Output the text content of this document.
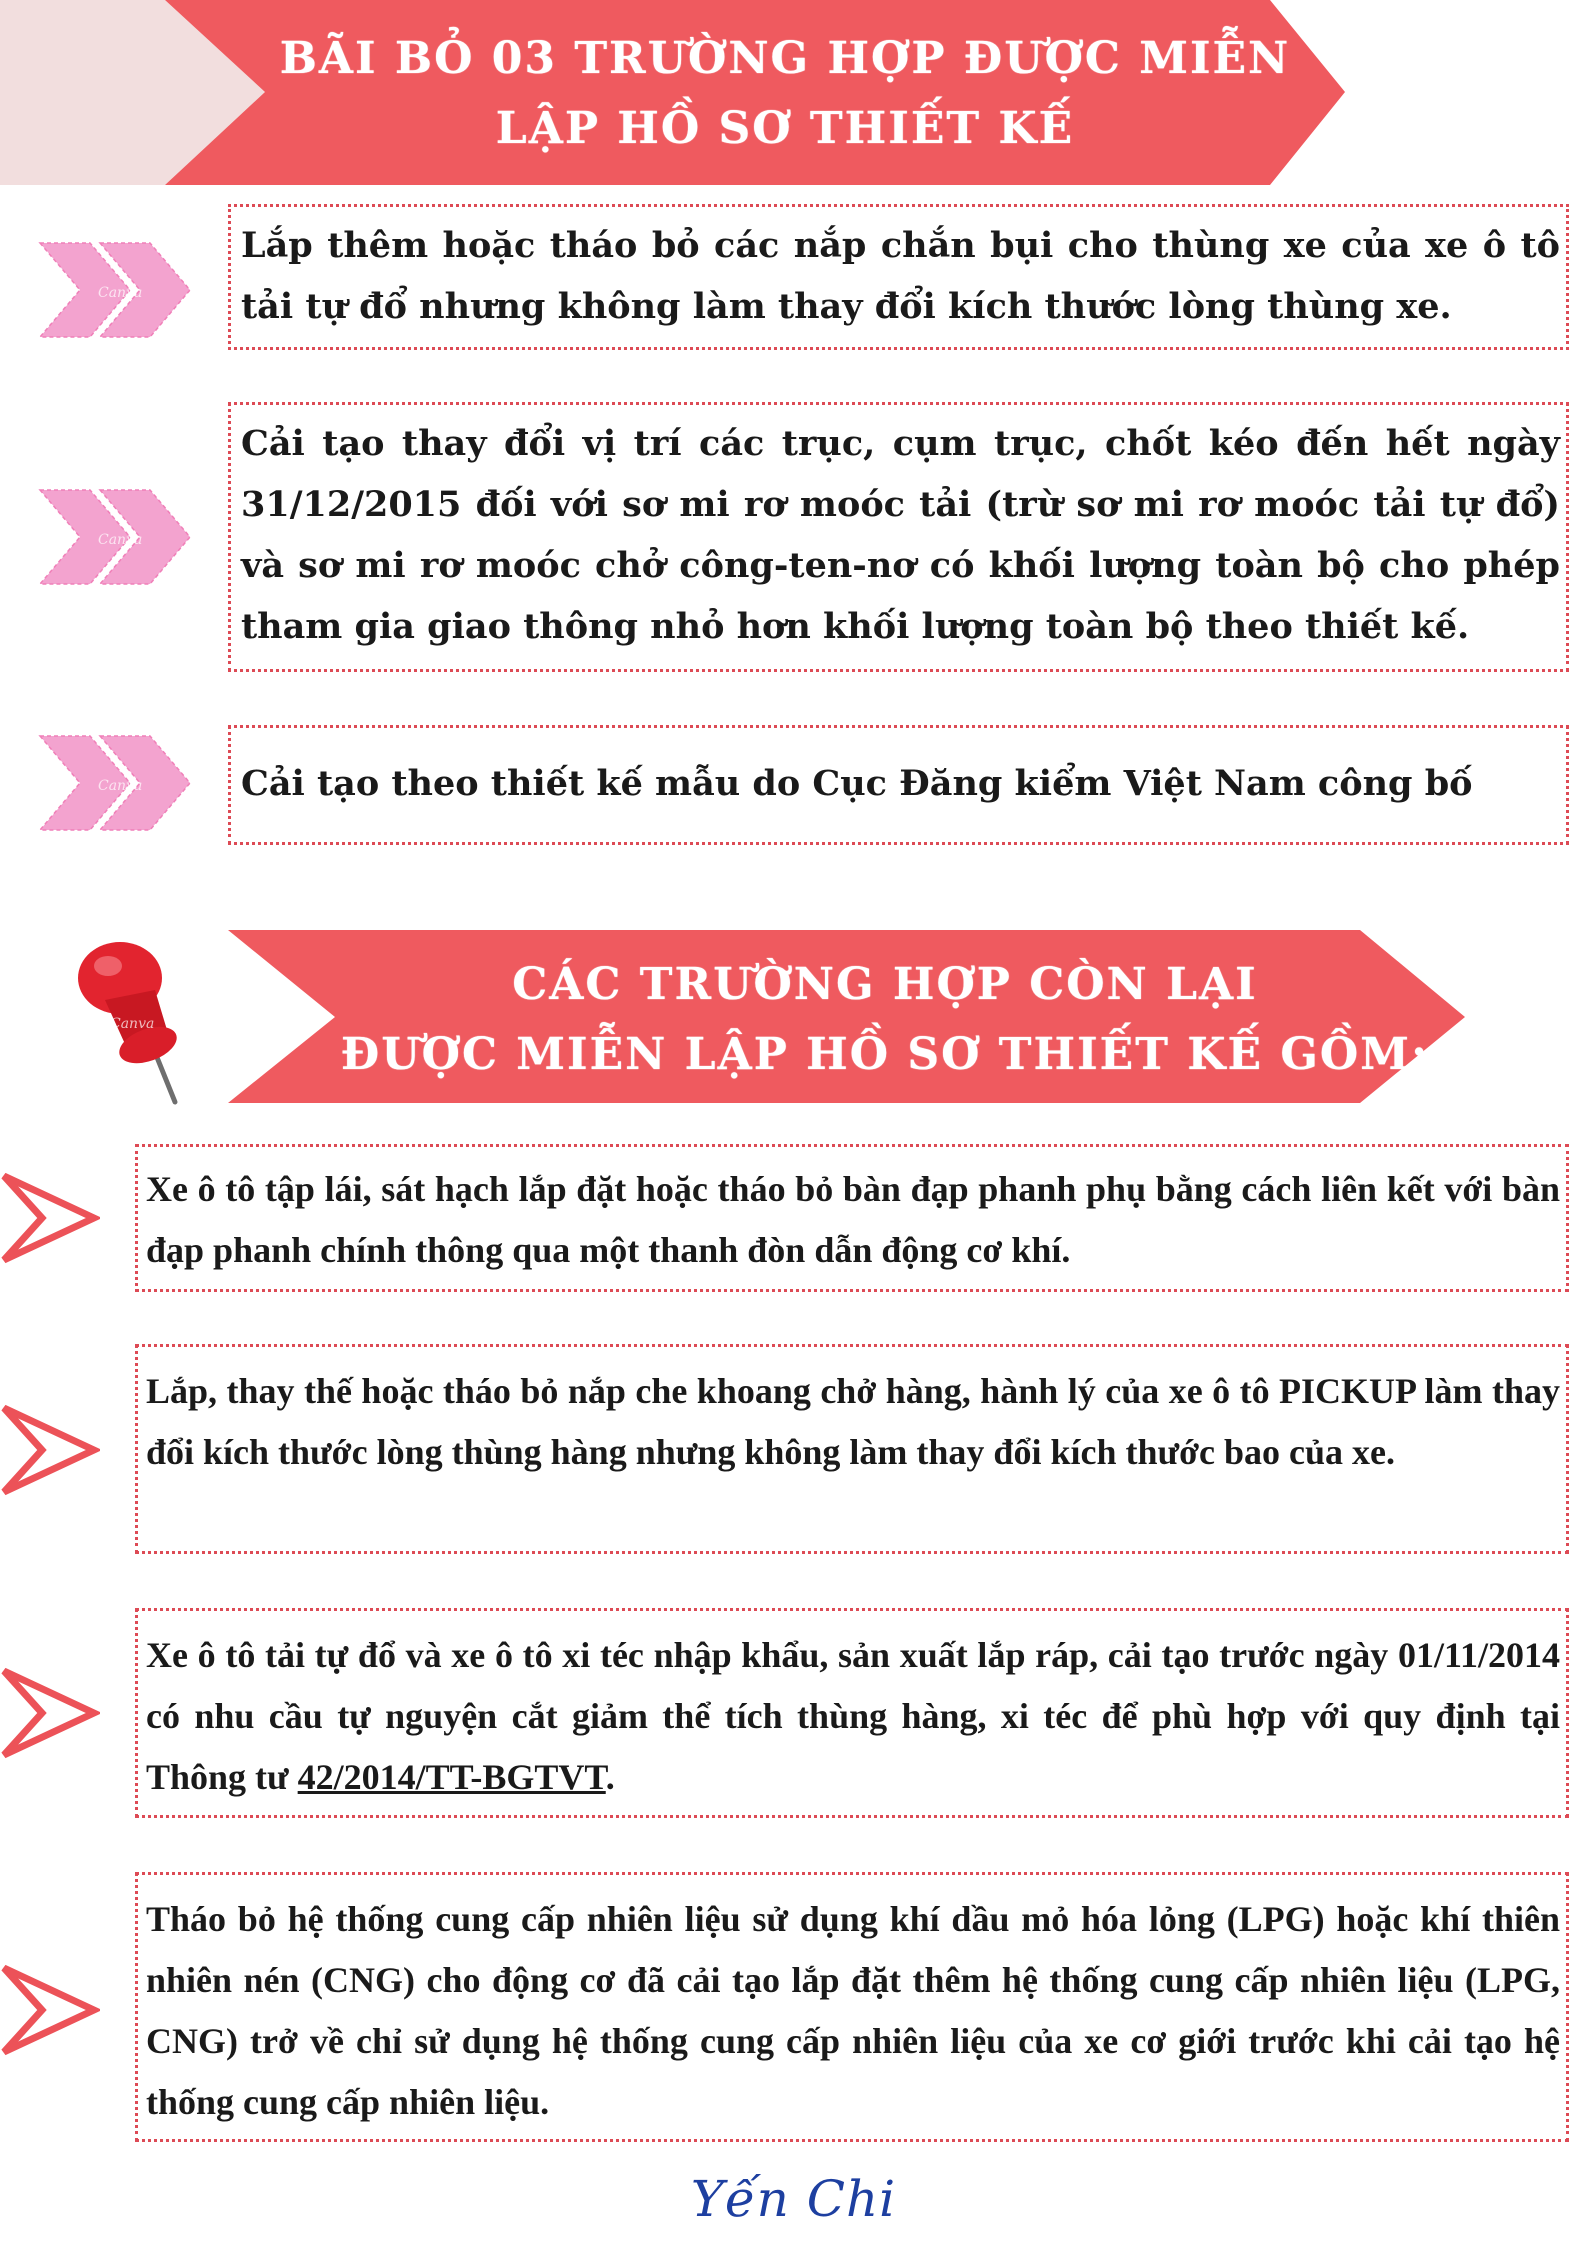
BÃI BỎ 03 TRƯỜNG HỢP ĐƯỢC MIỄN
LẬP HỒ SƠ THIẾT KẾ
Canva

Lắp thêm hoặc tháo bỏ các nắp chắn bụi cho thùng xe của xe ô tô tải tự đổ nhưng không làm thay đổi kích thước lòng thùng xe.

Canva

Cải tạo thay đổi vị trí các trục, cụm trục, chốt kéo đến hết ngày 31/12/2015 đối với sơ mi rơ moóc tải (trừ sơ mi rơ moóc tải tự đổ) và sơ mi rơ moóc chở công-ten-nơ có khối lượng toàn bộ cho phép tham gia giao thông nhỏ hơn khối lượng toàn bộ theo thiết kế.

Canva	Cải tạo theo thiết kế mẫu do Cục Đăng kiểm Việt Nam công bố

Canva
CÁC TRƯỜNG HỢP CÒN LẠI
ĐƯỢC MIỄN LẬP HỒ SƠ THIẾT KẾ GỒM:

Xe ô tô tập lái, sát hạch lắp đặt hoặc tháo bỏ bàn đạp phanh phụ bằng cách liên kết với bàn đạp phanh chính thông qua một thanh đòn dẫn động cơ khí.

Lắp, thay thế hoặc tháo bỏ nắp che khoang chở hàng, hành lý của xe ô tô PICKUP làm thay đổi kích thước lòng thùng hàng nhưng không làm thay đổi kích thước bao của xe.

Xe ô tô tải tự đổ và xe ô tô xi téc nhập khẩu, sản xuất lắp ráp, cải tạo trước ngày 01/11/2014 có nhu cầu tự nguyện cắt giảm thể tích thùng hàng, xi téc để phù hợp với quy định tại Thông tư 42/2014/TT-BGTVT.

Tháo bỏ hệ thống cung cấp nhiên liệu sử dụng khí dầu mỏ hóa lỏng (LPG) hoặc khí thiên nhiên nén (CNG) cho động cơ đã cải tạo lắp đặt thêm hệ thống cung cấp nhiên liệu (LPG, CNG) trở về chỉ sử dụng hệ thống cung cấp nhiên liệu của xe cơ giới trước khi cải tạo hệ thống cung cấp nhiên liệu.

Yến Chi
